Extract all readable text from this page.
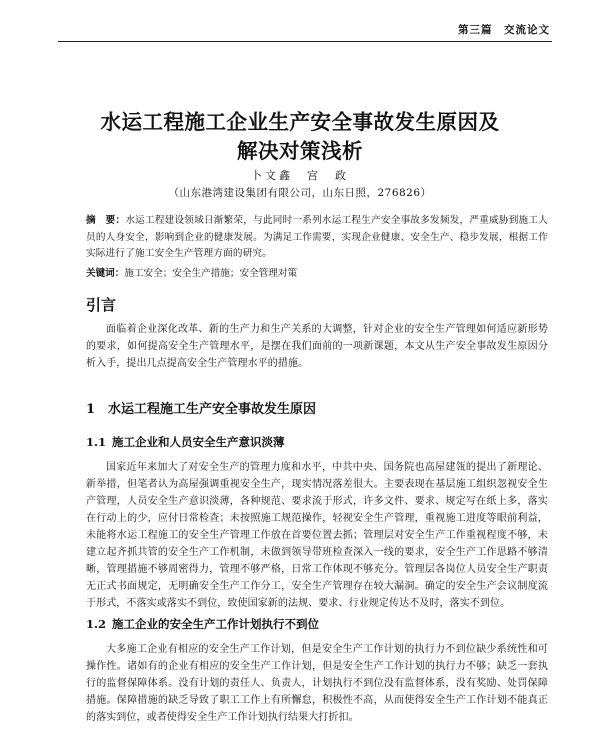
第三篇　交流论文
水运工程施工企业生产安全事故发生原因及
解决对策浅析
卜文鑫　宫　政
（山东港湾建设集团有限公司，山东日照，276826）
摘　要：水运工程建设领域日渐繁荣，与此同时一系列水运工程生产安全事故多发频发，严重威胁到施工人员的人身安全，影响到企业的健康发展。为满足工作需要，实现企业健康、安全生产、稳步发展，根据工作实际进行了施工安全生产管理方面的研究。
关键词：施工安全；安全生产措施；安全管理对策
引言
面临着企业深化改革、新的生产力和生产关系的大调整，针对企业的安全生产管理如何适应新形势的要求，如何提高安全生产管理水平，是摆在我们面前的一项新课题，本文从生产安全事故发生原因分析入手，提出几点提高安全生产管理水平的措施。
1 水运工程施工生产安全事故发生原因
1.1 施工企业和人员安全生产意识淡薄
国家近年来加大了对安全生产的管理力度和水平，中共中央、国务院也高屋建瓴的提出了新理论、新举措，但笔者认为高屋强调重视安全生产，现实情况落差很大。主要表现在基层施工组织忽视安全生产管理，人员安全生产意识淡薄，各种规范、要求流于形式，许多文件、要求、规定写在纸上多，落实在行动上的少，应付日常检查；未按照施工规范操作，轻视安全生产管理，重视施工进度等眼前利益，未能将水运工程施工的安全生产管理工作放在首要位置去抓；管理层对安全生产工作重视程度不够，未建立起齐抓共管的安全生产工作机制，未做到领导带班检查深入一线的要求，安全生产工作思路不够清晰，管理措施不够周密得力，管理不够严格，日常工作体现不够充分。管理层各岗位人员安全生产职责无正式书面规定，无明确安全生产工作分工，安全生产管理存在较大漏洞。确定的安全生产会议制度流于形式，不落实或落实不到位，致使国家新的法规、要求、行业规定传达不及时，落实不到位。
1.2 施工企业的安全生产工作计划执行不到位
大多施工企业有相应的安全生产工作计划，但是安全生产工作计划的执行力不到位缺少系统性和可操作性。诸如有的企业有相应的安全生产工作计划，但是安全生产工作计划的执行力不够；缺乏一套执行的监督保障体系。没有计划的责任人、负责人，计划执行不到位没有监督体系，没有奖励、处罚保障措施。保障措施的缺乏导致了职工工作上有所懈怠，积极性不高，从而使得安全生产工作计划不能真正的落实到位，或者使得安全生产工作计划执行结果大打折扣。
